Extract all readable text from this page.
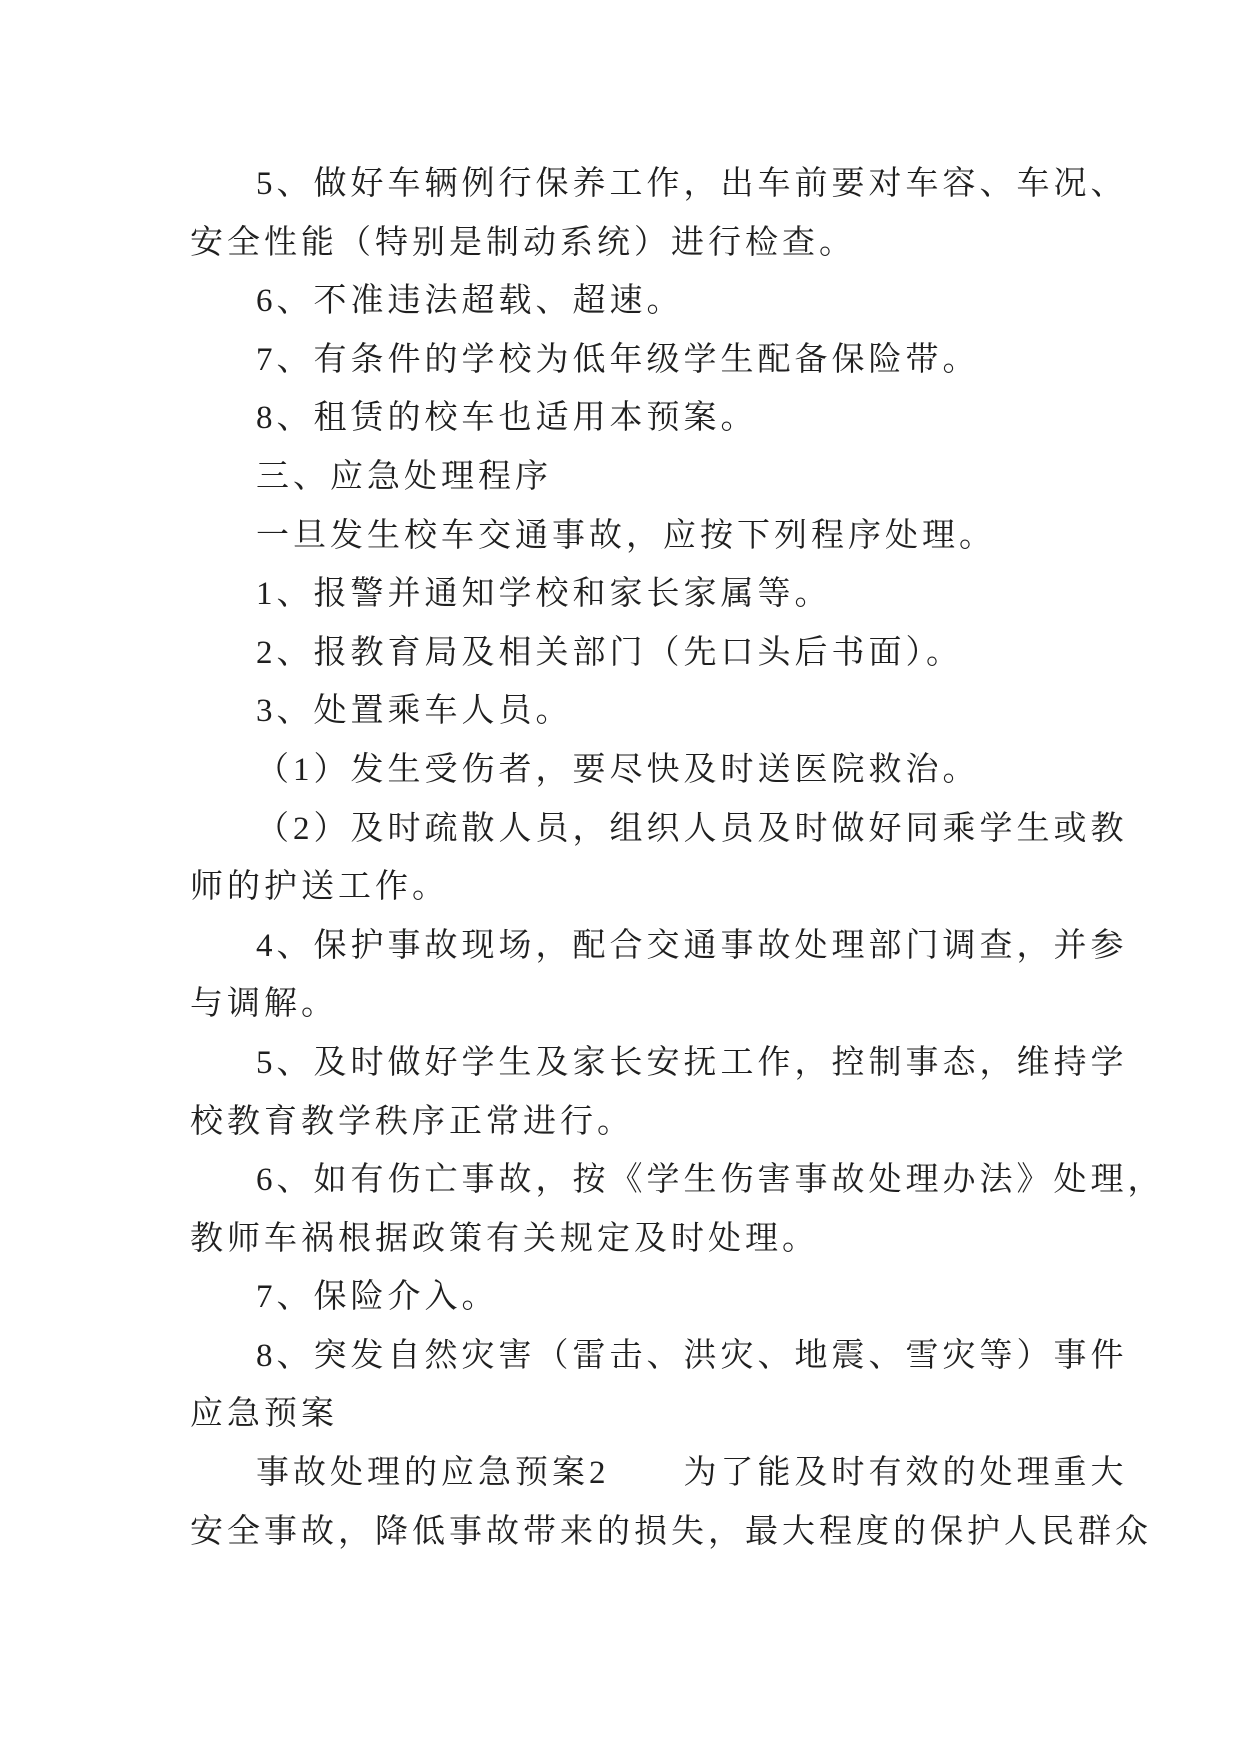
5、做好车辆例行保养工作，出车前要对车容、车况、
安全性能（特别是制动系统）进行检查。
6、不准违法超载、超速。
7、有条件的学校为低年级学生配备保险带。
8、租赁的校车也适用本预案。
三、应急处理程序
一旦发生校车交通事故，应按下列程序处理。
1、报警并通知学校和家长家属等。
2、报教育局及相关部门（先口头后书面）。
3、处置乘车人员。
（1）发生受伤者，要尽快及时送医院救治。
（2）及时疏散人员，组织人员及时做好同乘学生或教
师的护送工作。
4、保护事故现场，配合交通事故处理部门调查，并参
与调解。
5、及时做好学生及家长安抚工作，控制事态，维持学
校教育教学秩序正常进行。
6、如有伤亡事故，按《学生伤害事故处理办法》处理，
教师车祸根据政策有关规定及时处理。
7、保险介入。
8、突发自然灾害（雷击、洪灾、地震、雪灾等）事件
应急预案
事故处理的应急预案2　　为了能及时有效的处理重大
安全事故，降低事故带来的损失，最大程度的保护人民群众
